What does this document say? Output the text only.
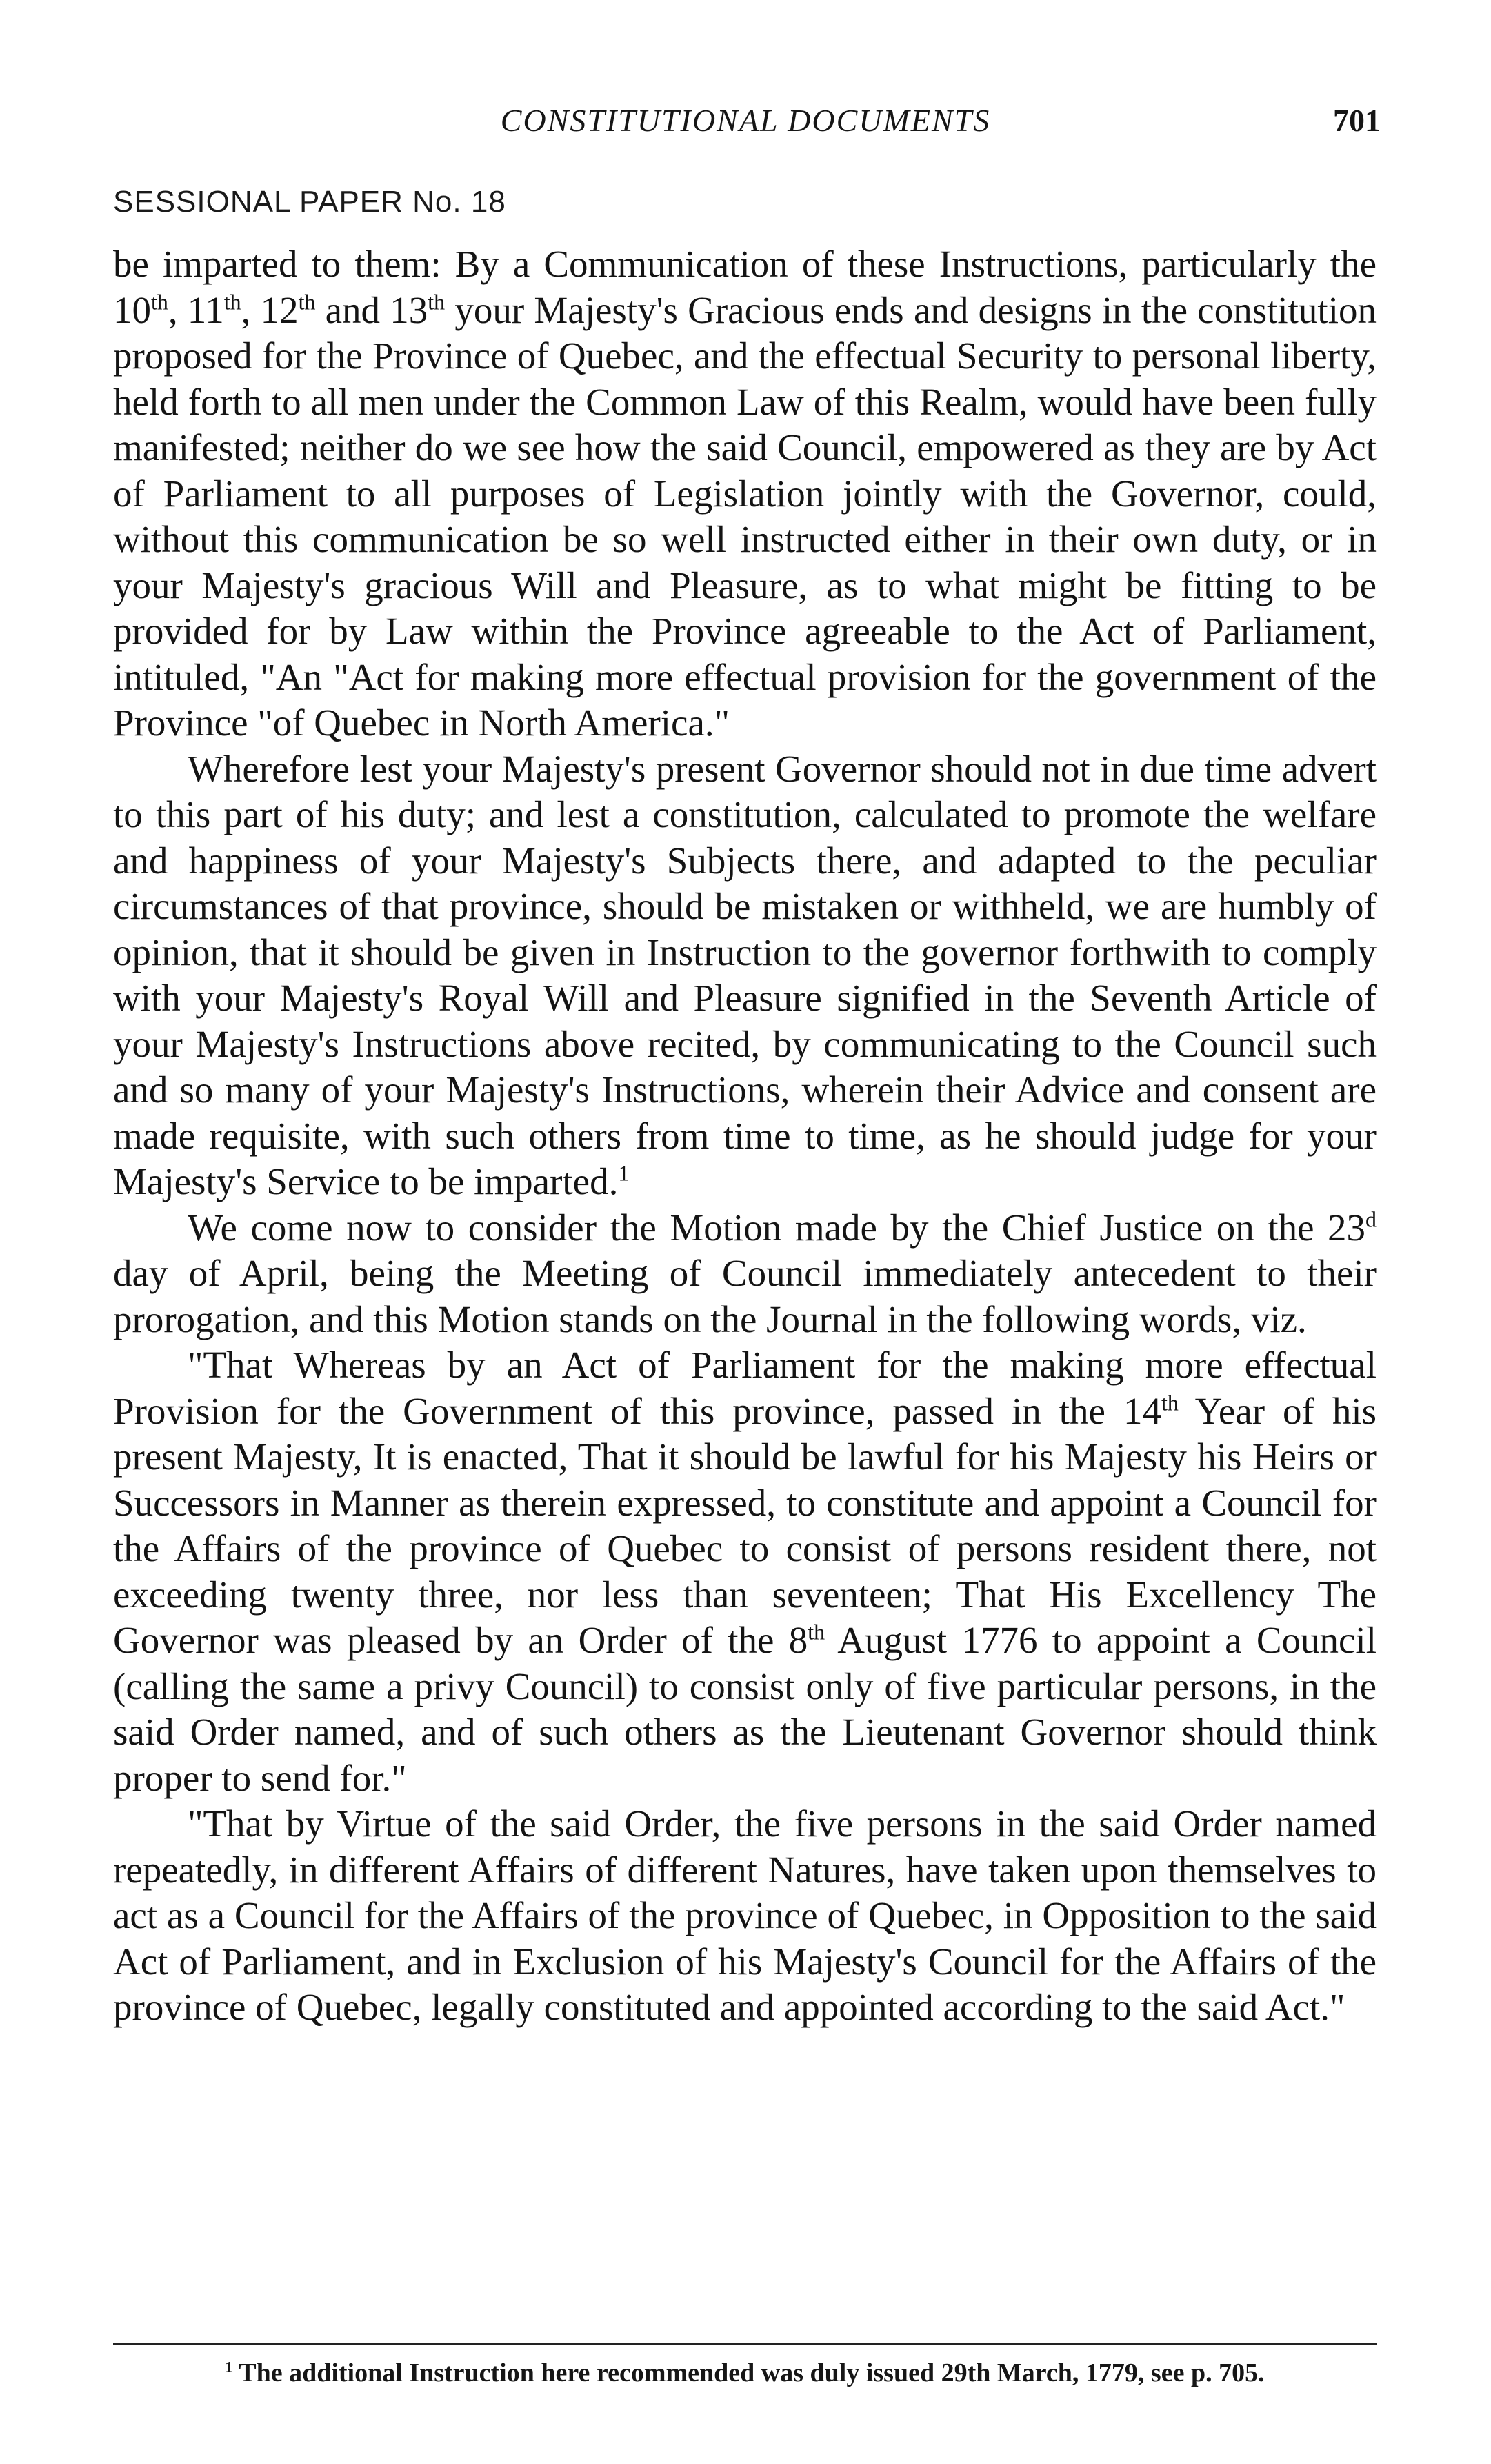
CONSTITUTIONAL DOCUMENTS	701
SESSIONAL PAPER No. 18

be imparted to them: By a Communication of these Instructions, particularly the 10th, 11th, 12th and 13th your Majesty's Gracious ends and designs in the constitution proposed for the Province of Quebec, and the effectual Security to personal liberty, held forth to all men under the Common Law of this Realm, would have been fully manifested; neither do we see how the said Council, empowered as they are by Act of Parliament to all purposes of Legislation jointly with the Governor, could, without this communication be so well instructed either in their own duty, or in your Majesty's gracious Will and Pleasure, as to what might be fitting to be provided for by Law within the Province agreeable to the Act of Parliament, intituled, "An "Act for making more effectual provision for the government of the Province "of Quebec in North America."

Wherefore lest your Majesty's present Governor should not in due time advert to this part of his duty; and lest a constitution, calculated to promote the welfare and happiness of your Majesty's Subjects there, and adapted to the peculiar circumstances of that province, should be mistaken or withheld, we are humbly of opinion, that it should be given in Instruction to the governor forthwith to comply with your Majesty's Royal Will and Pleasure signified in the Seventh Article of your Majesty's Instructions above recited, by communicating to the Council such and so many of your Majesty's Instructions, wherein their Advice and consent are made requisite, with such others from time to time, as he should judge for your Majesty's Service to be imparted.$^1$

We come now to consider the Motion made by the Chief Justice on the 23$^d$ day of April, being the Meeting of Council immediately antecedent to their prorogation, and this Motion stands on the Journal in the following words, viz.

"That Whereas by an Act of Parliament for the making more effectual Provision for the Government of this province, passed in the 14th Year of his present Majesty, It is enacted, That it should be lawful for his Majesty his Heirs or Successors in Manner as therein expressed, to constitute and appoint a Council for the Affairs of the province of Quebec to consist of persons resident there, not exceeding twenty three, nor less than seventeen; That His Excellency The Governor was pleased by an Order of the 8th August 1776 to appoint a Council (calling the same a privy Council) to consist only of five particular persons, in the said Order named, and of such others as the Lieutenant Governor should think proper to send for."

"That by Virtue of the said Order, the five persons in the said Order named repeatedly, in different Affairs of different Natures, have taken upon themselves to act as a Council for the Affairs of the province of Quebec, in Opposition to the said Act of Parliament, and in Exclusion of his Majesty's Council for the Affairs of the province of Quebec, legally constituted and appointed according to the said Act."

$^1$ The additional Instruction here recommended was duly issued 29th March, 1779, see p. 705.
